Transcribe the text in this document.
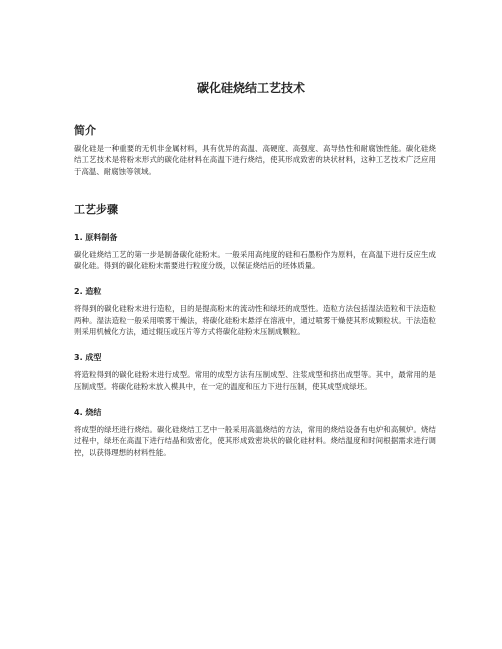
碳化硅烧结工艺技术
简介

碳化硅是一种重要的无机非金属材料，具有优异的高温、高硬度、高强度、高导热性和耐腐蚀性能。碳化硅烧结工艺技术是将粉末形式的碳化硅材料在高温下进行烧结，使其形成致密的块状材料，这种工艺技术广泛应用于高温、耐腐蚀等领域。

工艺步骤
1. 原料制备

碳化硅烧结工艺的第一步是制备碳化硅粉末。一般采用高纯度的硅和石墨粉作为原料，在高温下进行反应生成碳化硅。得到的碳化硅粉末需要进行粒度分级，以保证烧结后的坯体质量。

2. 造粒

将得到的碳化硅粉末进行造粒，目的是提高粉末的流动性和绿坯的成型性。造粒方法包括湿法造粒和干法造粒两种。湿法造粒一般采用喷雾干燥法，将碳化硅粉末悬浮在溶液中，通过喷雾干燥使其形成颗粒状。干法造粒则采用机械化方法，通过辊压或压片等方式将碳化硅粉末压制成颗粒。

3. 成型

将造粒得到的碳化硅粉末进行成型。常用的成型方法有压制成型、注浆成型和挤出成型等。其中，最常用的是压制成型。将碳化硅粉末放入模具中，在一定的温度和压力下进行压制，使其成型成绿坯。

4. 烧结

将成型的绿坯进行烧结。碳化硅烧结工艺中一般采用高温烧结的方法，常用的烧结设备有电炉和高频炉。烧结过程中，绿坯在高温下进行结晶和致密化，使其形成致密块状的碳化硅材料。烧结温度和时间根据需求进行调控，以获得理想的材料性能。
